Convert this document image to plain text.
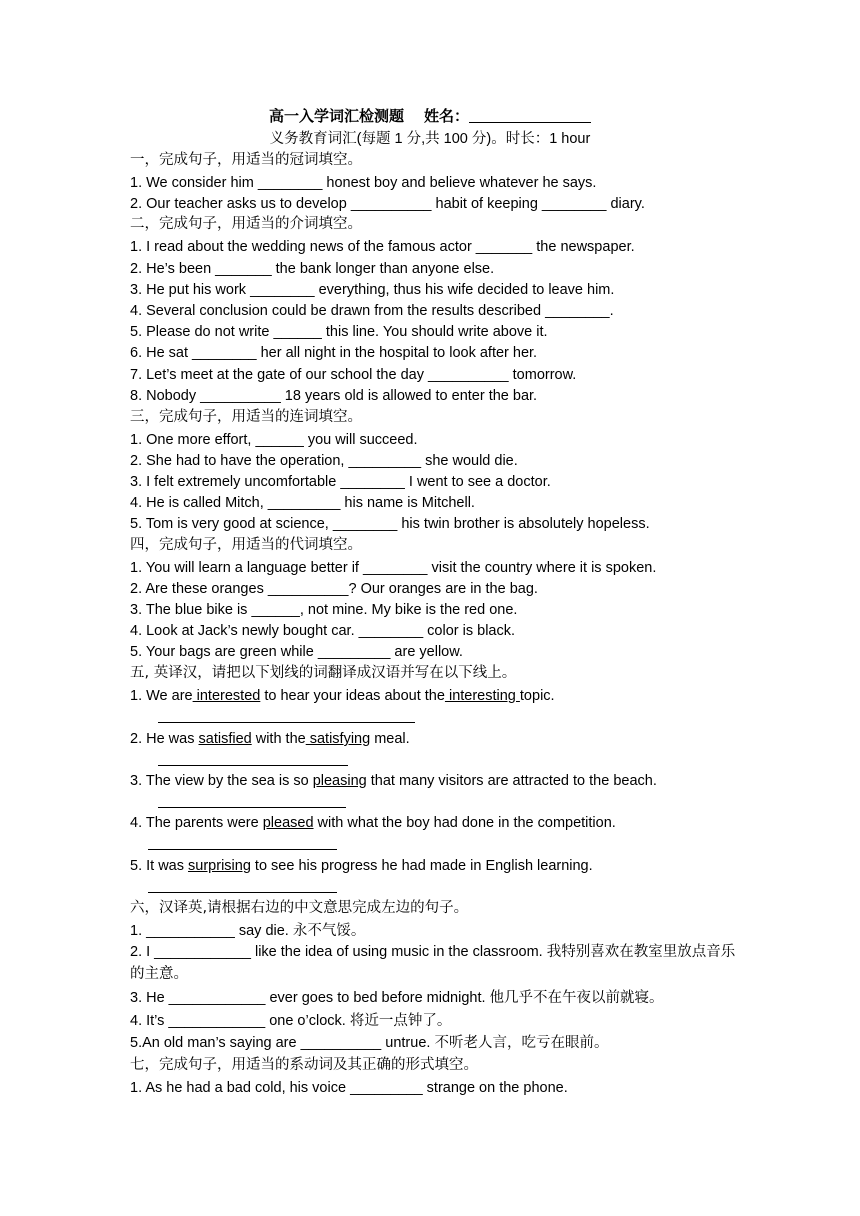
高一入学词汇检测题 姓名：
义务教育词汇(每题 1 分,共 100 分)。时长：1 hour
一，完成句子，用适当的冠词填空。
1. We consider him ________ honest boy and believe whatever he says.
2. Our teacher asks us to develop __________ habit of keeping ________ diary.
二，完成句子，用适当的介词填空。
1. I read about the wedding news of the famous actor _______ the newspaper.
2. He’s been _______ the bank longer than anyone else.
3. He put his work ________ everything, thus his wife decided to leave him.
4. Several conclusion could be drawn from the results described ________.
5. Please do not write ______ this line. You should write above it.
6. He sat ________ her all night in the hospital to look after her.
7. Let’s meet at the gate of our school the day __________ tomorrow.
8. Nobody __________ 18 years old is allowed to enter the bar.
三，完成句子，用适当的连词填空。
1. One more effort, ______ you will succeed.
2. She had to have the operation, _________ she would die.
3. I felt extremely uncomfortable ________ I went to see a doctor.
4. He is called Mitch, _________ his name is Mitchell.
5. Tom is very good at science, ________ his twin brother is absolutely hopeless.
四，完成句子，用适当的代词填空。
1. You will learn a language better if ________ visit the country where it is spoken.
2. Are these oranges __________? Our oranges are in the bag.
3. The blue bike is ______, not mine. My bike is the red one.
4. Look at Jack’s newly bought car. ________ color is black.
5. Your bags are green while _________ are yellow.
五, 英译汉，请把以下划线的词翻译成汉语并写在以下线上。
1. We are interested to hear your ideas about the interesting topic.
2. He was satisfied with the satisfying meal.
3. The view by the sea is so pleasing that many visitors are attracted to the beach.
4. The parents were pleased with what the boy had done in the competition.
5. It was surprising to see his progress he had made in English learning.
六，汉译英,请根据右边的中文意思完成左边的句子。
1. ___________ say die. 永不气馁。
2. I ____________ like the idea of using music in the classroom. 我特别喜欢在教室里放点音乐的主意。
3. He ____________ ever goes to bed before midnight. 他几乎不在午夜以前就寝。
4. It’s ____________ one o’clock. 将近一点钟了。
5.An old man’s saying are __________ untrue. 不听老人言，吃亏在眼前。
七，完成句子，用适当的系动词及其正确的形式填空。
1. As he had a bad cold, his voice _________ strange on the phone.
